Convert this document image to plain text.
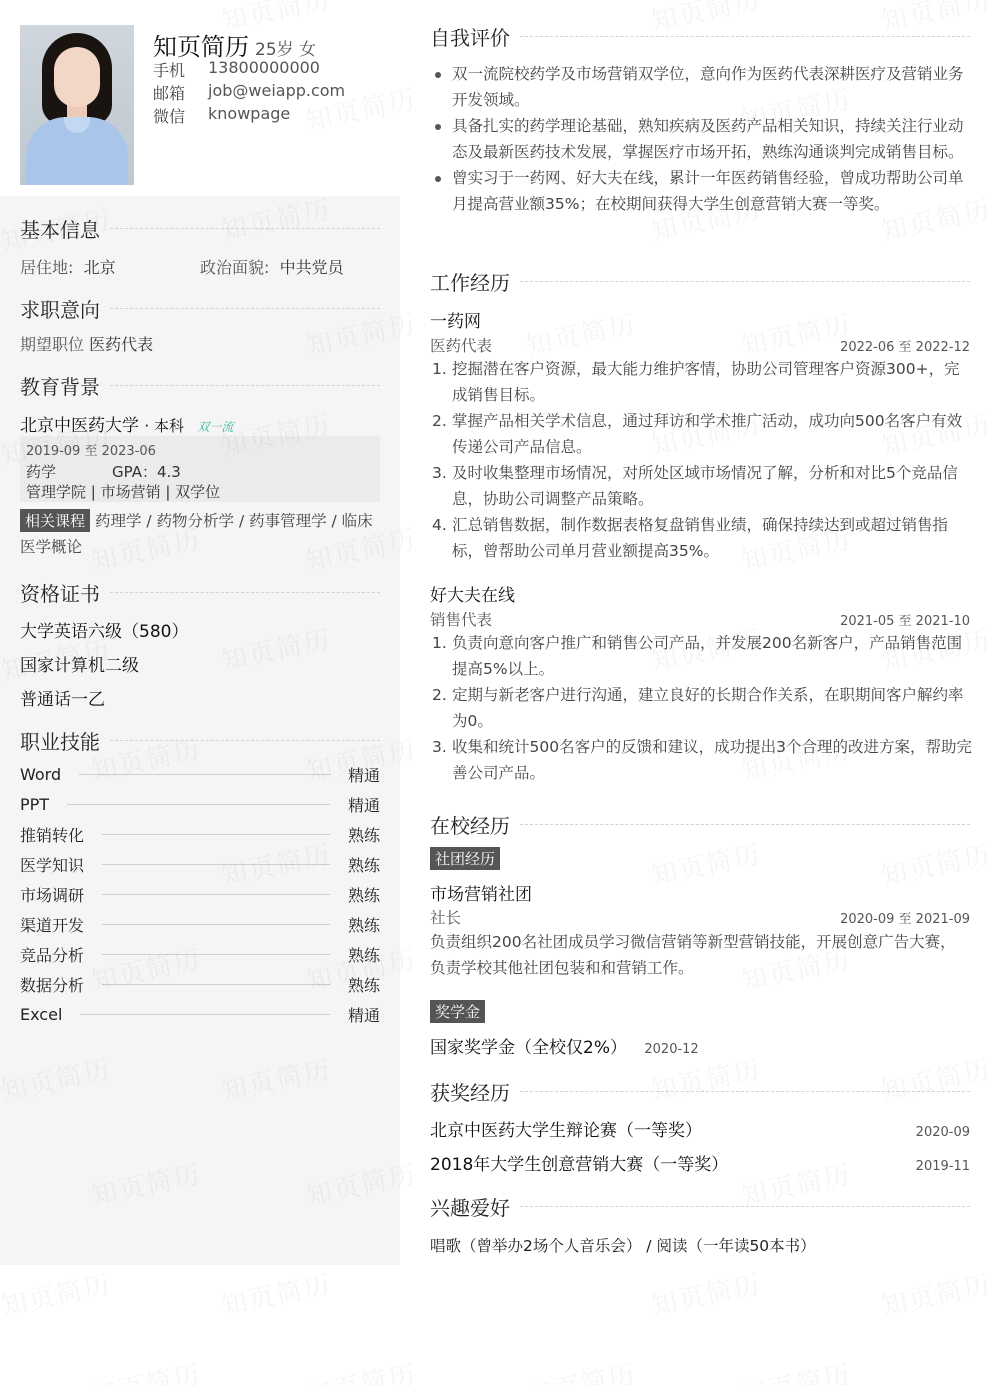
知页简历 25岁 女
手机	13800000000
邮箱	job@weiapp.com
微信	knowpage
基本信息
居住地: 北京	政治面貌: 中共党员
求职意向
期望职位 医药代表
教育背景
北京中医药大学 · 本科 双一流
2019-09 至 2023-06
药学	GPA：4.3
管理学院 | 市场营销 | 双学位
相关课程 药理学 / 药物分析学 / 药事管理学 / 临床
医学概论
资格证书
大学英语六级（580）
国家计算机二级
普通话一乙
职业技能
Word	精通
PPT	精通
推销转化	熟练
医学知识	熟练
市场调研	熟练
渠道开发	熟练
竞品分析	熟练
数据分析	熟练
Excel	精通
自我评价
双一流院校药学及市场营销双学位，意向作为医药代表深耕医疗及营销业务开发领域。
具备扎实的药学理论基础，熟知疾病及医药产品相关知识，持续关注行业动态及最新医药技术发展，掌握医疗市场开拓，熟练沟通谈判完成销售目标。
曾实习于一药网、好大夫在线，累计一年医药销售经验，曾成功帮助公司单月提高营业额35%；在校期间获得大学生创意营销大赛一等奖。
工作经历
一药网
医药代表	2022-06 至 2022-12
1. 挖掘潜在客户资源，最大能力维护客情，协助公司管理客户资源300+，完成销售目标。
2. 掌握产品相关学术信息，通过拜访和学术推广活动，成功向500名客户有效传递公司产品信息。
3. 及时收集整理市场情况，对所处区域市场情况了解，分析和对比5个竞品信息，协助公司调整产品策略。
4. 汇总销售数据，制作数据表格复盘销售业绩，确保持续达到或超过销售指标，曾帮助公司单月营业额提高35%。
好大夫在线
销售代表	2021-05 至 2021-10
1. 负责向意向客户推广和销售公司产品，并发展200名新客户，产品销售范围提高5%以上。
2. 定期与新老客户进行沟通，建立良好的长期合作关系，在职期间客户解约率为0。
3. 收集和统计500名客户的反馈和建议，成功提出3个合理的改进方案，帮助完善公司产品。
在校经历
社团经历
市场营销社团
社长	2020-09 至 2021-09
负责组织200名社团成员学习微信营销等新型营销技能，开展创意广告大赛，负责学校其他社团包装和和营销工作。
奖学金
国家奖学金（全校仅2%） 2020-12
获奖经历
北京中医药大学生辩论赛（一等奖）	2020-09
2018年大学生创意营销大赛（一等奖）	2019-11
兴趣爱好
唱歌（曾举办2场个人音乐会） / 阅读（一年读50本书）
